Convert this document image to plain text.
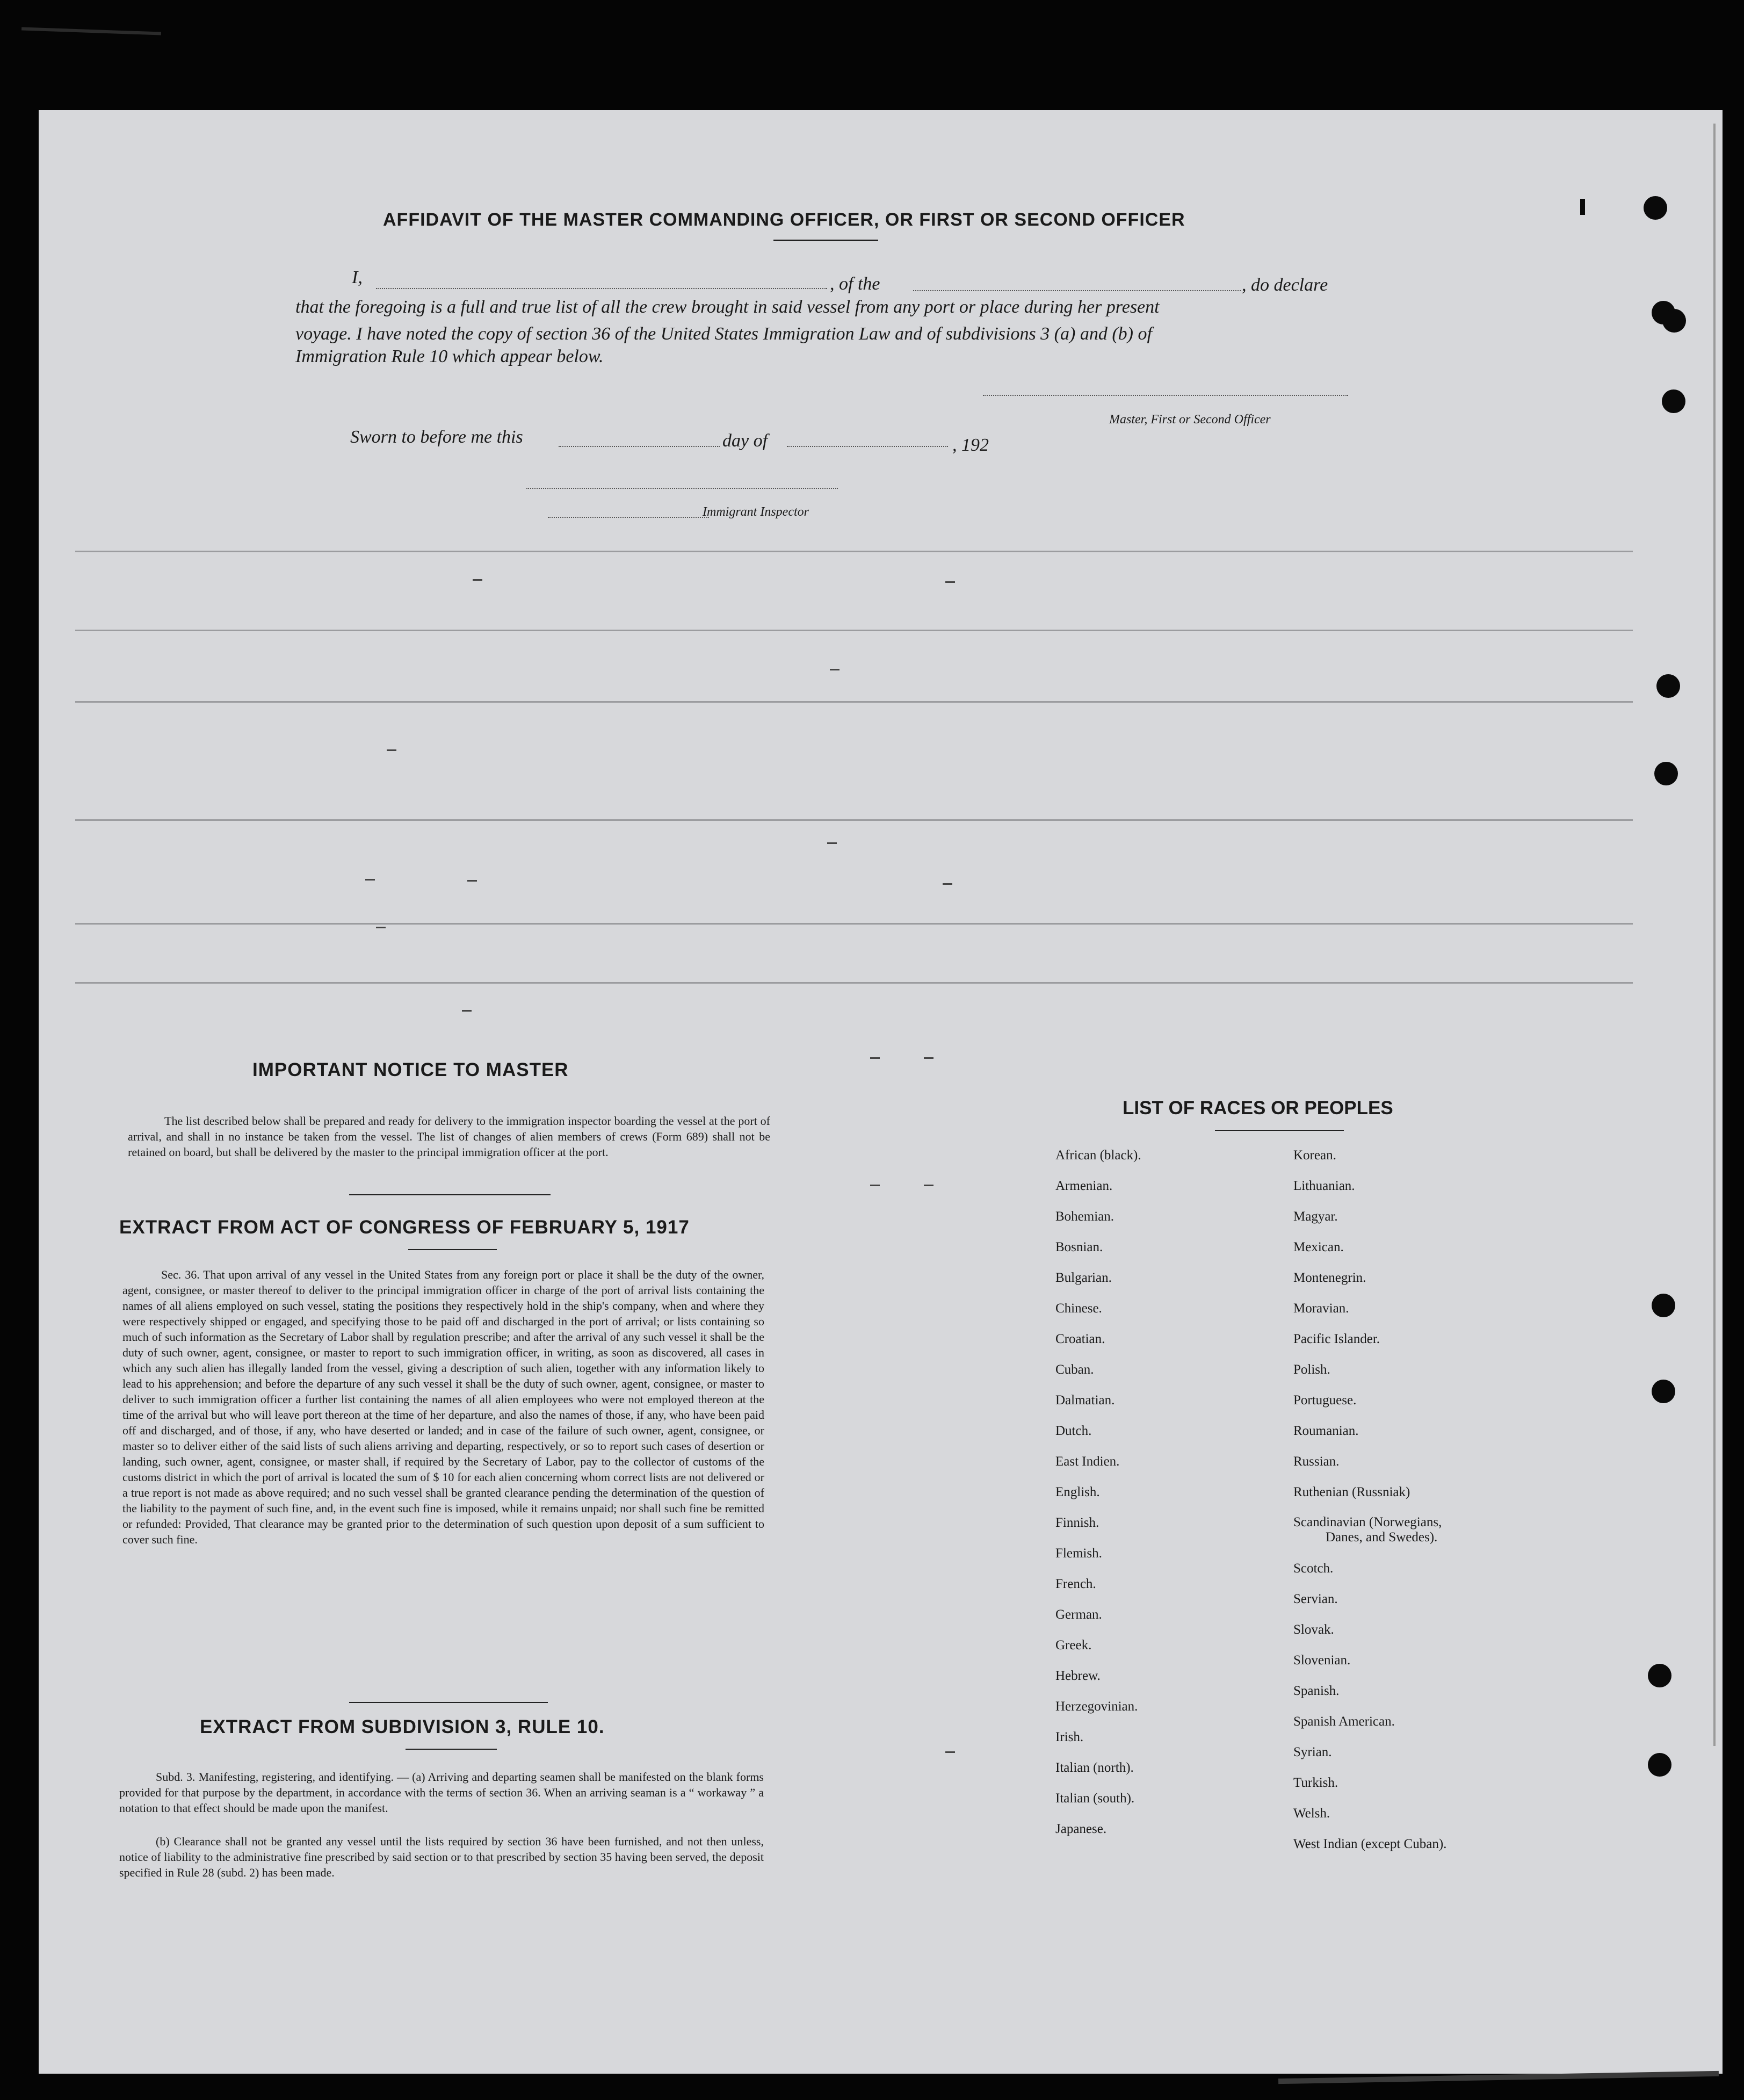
AFFIDAVIT OF THE MASTER COMMANDING OFFICER, OR FIRST OR SECOND OFFICER
I,	, of the	, do declare
that the foregoing is a full and true list of all the crew brought in said vessel from any port or place during her present
voyage. I have noted the copy of section 36 of the United States Immigration Law and of subdivisions 3 (a) and (b) of
Immigration Rule 10 which appear below.
Master, First or Second Officer
Sworn to before me this	day of	, 192
Immigrant Inspector
IMPORTANT NOTICE TO MASTER
The list described below shall be prepared and ready for delivery to the immigration inspector boarding the vessel at the port of arrival, and shall in no instance be taken from the vessel. The list of changes of alien members of crews (Form 689) shall not be retained on board, but shall be delivered by the master to the principal immigration officer at the port.
EXTRACT FROM ACT OF CONGRESS OF FEBRUARY 5, 1917
Sec. 36. That upon arrival of any vessel in the United States from any foreign port or place it shall be the duty of the owner, agent, consignee, or master thereof to deliver to the principal immigration officer in charge of the port of arrival lists containing the names of all aliens employed on such vessel, stating the positions they respectively hold in the ship's company, when and where they were respectively shipped or engaged, and specifying those to be paid off and discharged in the port of arrival; or lists containing so much of such information as the Secretary of Labor shall by regulation prescribe; and after the arrival of any such vessel it shall be the duty of such owner, agent, consignee, or master to report to such immigration officer, in writing, as soon as discovered, all cases in which any such alien has illegally landed from the vessel, giving a description of such alien, together with any information likely to lead to his apprehension; and before the departure of any such vessel it shall be the duty of such owner, agent, consignee, or master to deliver to such immigration officer a further list containing the names of all alien employees who were not employed thereon at the time of the arrival but who will leave port thereon at the time of her departure, and also the names of those, if any, who have been paid off and discharged, and of those, if any, who have deserted or landed; and in case of the failure of such owner, agent, consignee, or master so to deliver either of the said lists of such aliens arriving and departing, respectively, or so to report such cases of desertion or landing, such owner, agent, consignee, or master shall, if required by the Secretary of Labor, pay to the collector of customs of the customs district in which the port of arrival is located the sum of $ 10 for each alien concerning whom correct lists are not delivered or a true report is not made as above required; and no such vessel shall be granted clearance pending the determination of the question of the liability to the payment of such fine, and, in the event such fine is imposed, while it remains unpaid; nor shall such fine be remitted or refunded: Provided, That clearance may be granted prior to the determination of such question upon deposit of a sum sufficient to cover such fine.
EXTRACT FROM SUBDIVISION 3, RULE 10.
Subd. 3. Manifesting, registering, and identifying. — (a) Arriving and departing seamen shall be manifested on the blank forms provided for that purpose by the department, in accordance with the terms of section 36. When an arriving seaman is a “ workaway ” a notation to that effect should be made upon the manifest.
(b) Clearance shall not be granted any vessel until the lists required by section 36 have been furnished, and not then unless, notice of liability to the administrative fine prescribed by said section or to that prescribed by section 35 having been served, the deposit specified in Rule 28 (subd. 2) has been made.
LIST OF RACES OR PEOPLES
African (black).
Armenian.
Bohemian.
Bosnian.
Bulgarian.
Chinese.
Croatian.
Cuban.
Dalmatian.
Dutch.
East Indien.
English.
Finnish.
Flemish.
French.
German.
Greek.
Hebrew.
Herzegovinian.
Irish.
Italian (north).
Italian (south).
Japanese.
Korean.
Lithuanian.
Magyar.
Mexican.
Montenegrin.
Moravian.
Pacific Islander.
Polish.
Portuguese.
Roumanian.
Russian.
Ruthenian (Russniak)
Scandinavian (Norwegians,
Danes, and Swedes).
Scotch.
Servian.
Slovak.
Slovenian.
Spanish.
Spanish American.
Syrian.
Turkish.
Welsh.
West Indian (except Cuban).
